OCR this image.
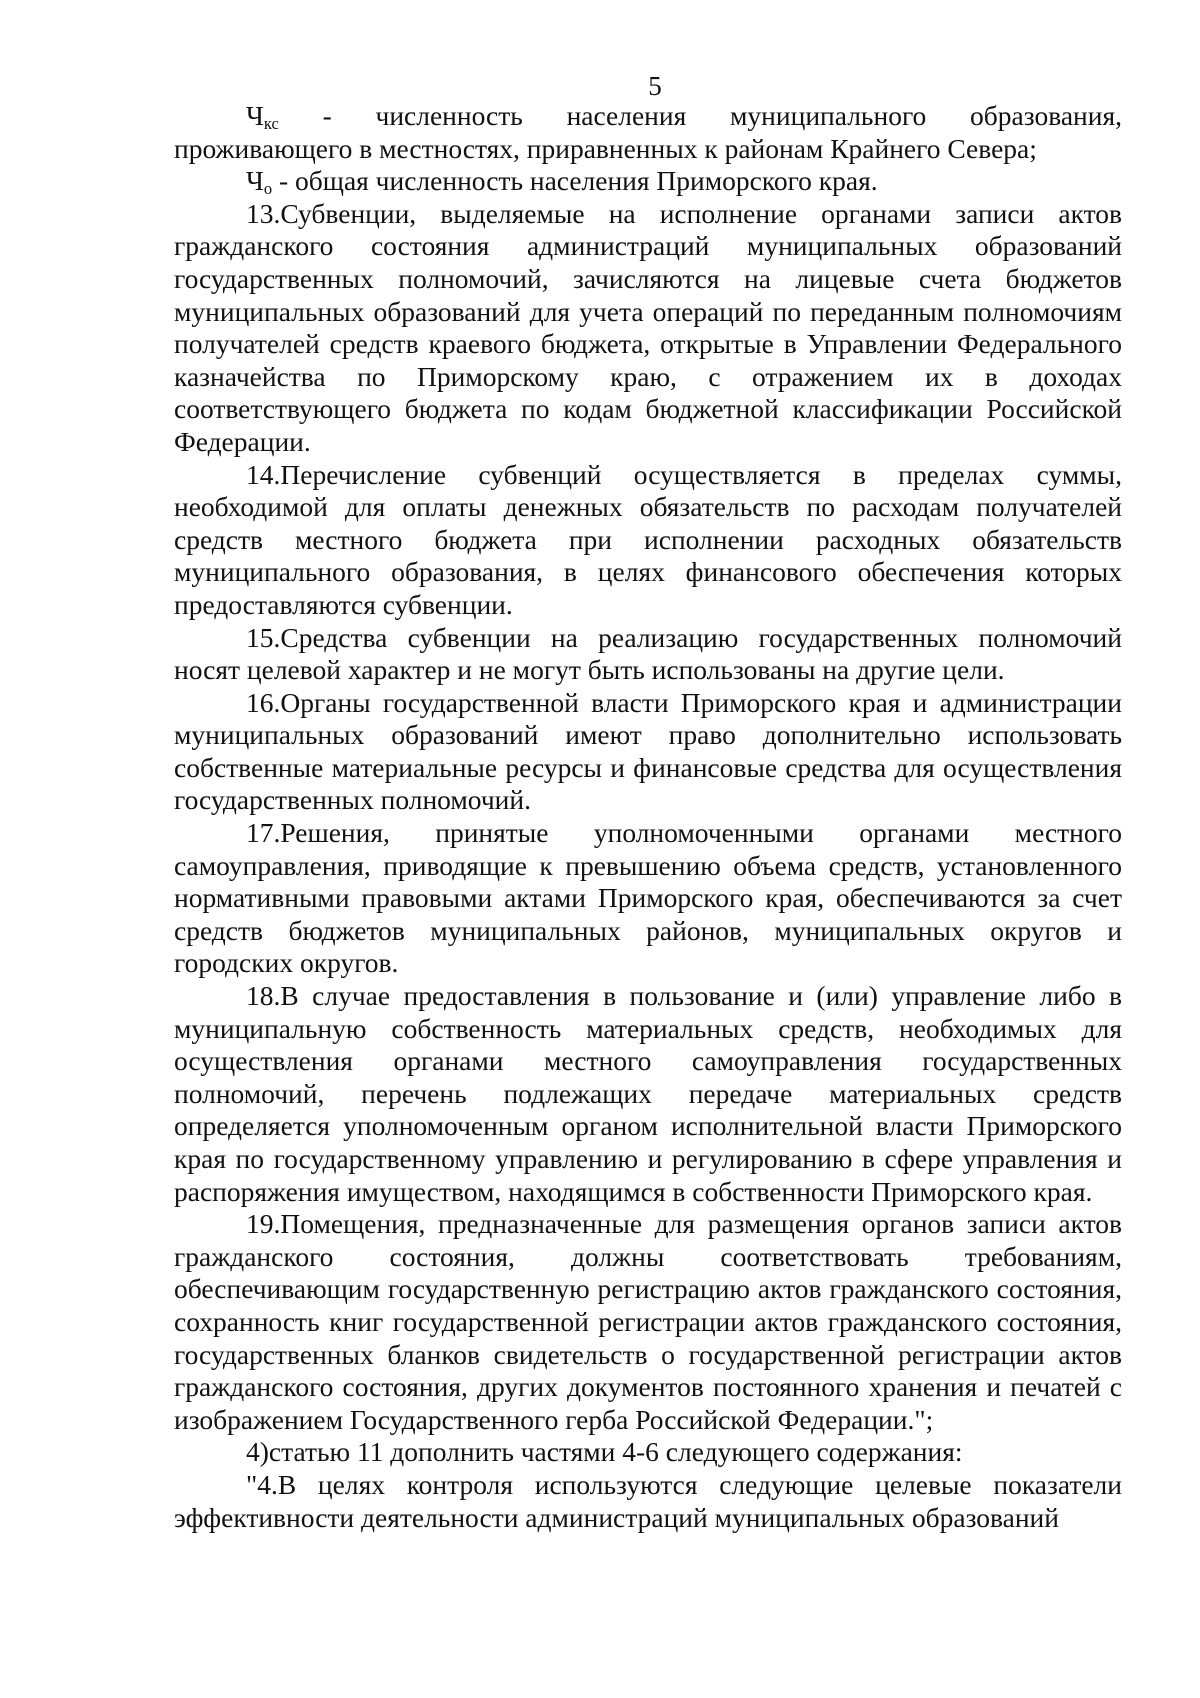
5

$Ч_{кс}$ - численность населения муниципального образования, проживающего в местностях, приравненных к районам Крайнего Севера;

$Ч_о$ - общая численность населения Приморского края.

13.Субвенции, выделяемые на исполнение органами записи актов гражданского состояния администраций муниципальных образований государственных полномочий, зачисляются на лицевые счета бюджетов муниципальных образований для учета операций по переданным полномочиям получателей средств краевого бюджета, открытые в Управлении Федерального казначейства по Приморскому краю, с отражением их в доходах соответствующего бюджета по кодам бюджетной классификации Российской Федерации.

14.Перечисление субвенций осуществляется в пределах суммы, необходимой для оплаты денежных обязательств по расходам получателей средств местного бюджета при исполнении расходных обязательств муниципального образования, в целях финансового обеспечения которых предоставляются субвенции.

15.Средства субвенции на реализацию государственных полномочий носят целевой характер и не могут быть использованы на другие цели.

16.Органы государственной власти Приморского края и администрации муниципальных образований имеют право дополнительно использовать собственные материальные ресурсы и финансовые средства для осуществления государственных полномочий.

17.Решения, принятые уполномоченными органами местного самоуправления, приводящие к превышению объема средств, установленного нормативными правовыми актами Приморского края, обеспечиваются за счет средств бюджетов муниципальных районов, муниципальных округов и городских округов.

18.В случае предоставления в пользование и (или) управление либо в муниципальную собственность материальных средств, необходимых для осуществления органами местного самоуправления государственных полномочий, перечень подлежащих передаче материальных средств определяется уполномоченным органом исполнительной власти Приморского края по государственному управлению и регулированию в сфере управления и распоряжения имуществом, находящимся в собственности Приморского края.

19.Помещения, предназначенные для размещения органов записи актов гражданского состояния, должны соответствовать требованиям, обеспечивающим государственную регистрацию актов гражданского состояния, сохранность книг государственной регистрации актов гражданского состояния, государственных бланков свидетельств о государственной регистрации актов гражданского состояния, других документов постоянного хранения и печатей с изображением Государственного герба Российской Федерации.";

4)статью 11 дополнить частями 4-6 следующего содержания:

"4.В целях контроля используются следующие целевые показатели эффективности деятельности администраций муниципальных образований
